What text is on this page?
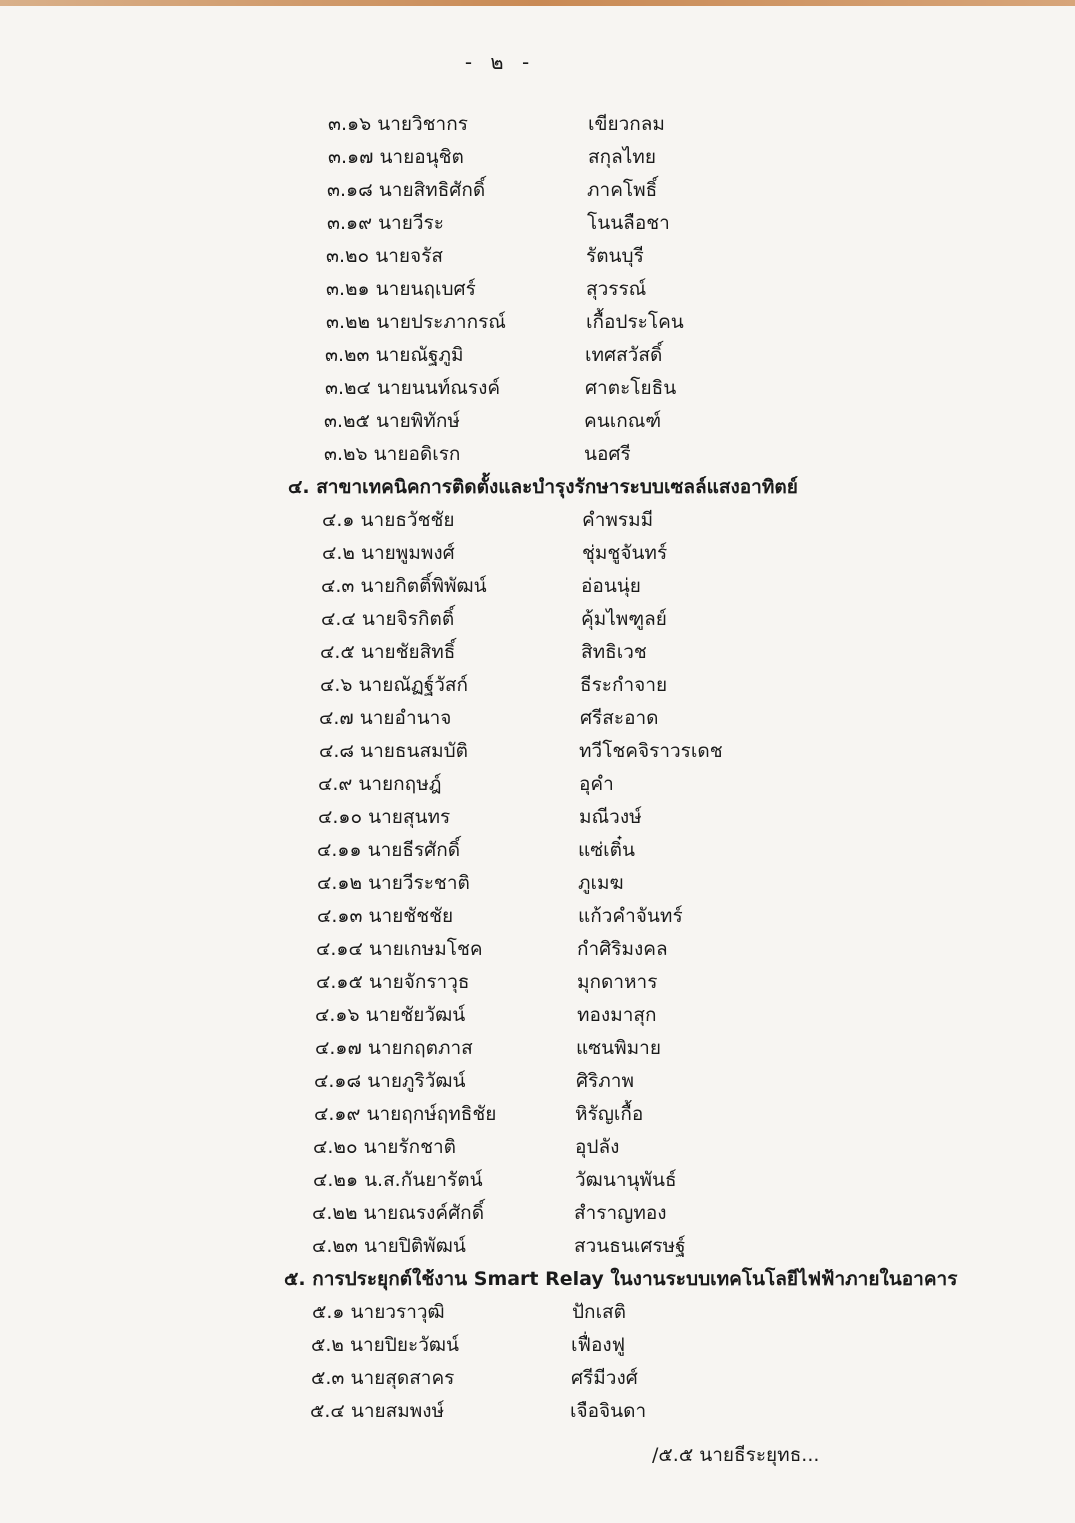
- ๒ -
๓.๑๖ นายวิชากร	เขียวกลม
๓.๑๗ นายอนุชิต	สกุลไทย
๓.๑๘ นายสิทธิศักดิ์	ภาคโพธิ์
๓.๑๙ นายวีระ	โนนลือชา
๓.๒๐ นายจรัส	รัตนบุรี
๓.๒๑ นายนฤเบศร์	สุวรรณ์
๓.๒๒ นายประภากรณ์	เกื้อประโคน
๓.๒๓ นายณัฐภูมิ	เทศสวัสดิ์
๓.๒๔ นายนนท์ณรงค์	ศาตะโยธิน
๓.๒๕ นายพิทักษ์	คนเกณฑ์
๓.๒๖ นายอดิเรก	นอศรี
๔. สาขาเทคนิคการติดตั้งและบำรุงรักษาระบบเซลล์แสงอาทิตย์
๔.๑ นายธวัชชัย	คำพรมมี
๔.๒ นายพูมพงศ์	ชุ่มชูจันทร์
๔.๓ นายกิตติ์พิพัฒน์	อ่อนนุ่ย
๔.๔ นายจิรกิตติ์	คุ้มไพฑูลย์
๔.๕ นายชัยสิทธิ์	สิทธิเวช
๔.๖ นายณัฏฐ์วัสก์	ธีระกำจาย
๔.๗ นายอำนาจ	ศรีสะอาด
๔.๘ นายธนสมบัติ	ทวีโชคจิราวรเดช
๔.๙ นายกฤษฎ์	อุคำ
๔.๑๐ นายสุนทร	มณีวงษ์
๔.๑๑ นายธีรศักดิ์	แซ่เติ๋น
๔.๑๒ นายวีระชาติ	ภูเมฆ
๔.๑๓ นายชัชชัย	แก้วคำจันทร์
๔.๑๔ นายเกษมโชค	กำศิริมงคล
๔.๑๕ นายจักราวุธ	มุกดาหาร
๔.๑๖ นายชัยวัฒน์	ทองมาสุก
๔.๑๗ นายกฤตภาส	แซนพิมาย
๔.๑๘ นายภูริวัฒน์	ศิริภาพ
๔.๑๙ นายฤกษ์ฤทธิชัย	หิรัญเกื้อ
๔.๒๐ นายรักชาติ	อุปลัง
๔.๒๑ น.ส.กันยารัตน์	วัฒนานุพันธ์
๔.๒๒ นายณรงค์ศักดิ์	สำราญทอง
๔.๒๓ นายปิติพัฒน์	สวนธนเศรษฐ์
๕. การประยุกต์ใช้งาน Smart Relay ในงานระบบเทคโนโลยีไฟฟ้าภายในอาคาร
๕.๑ นายวราวุฒิ	ปักเสติ
๕.๒ นายปิยะวัฒน์	เฟื่องฟู
๕.๓ นายสุดสาคร	ศรีมีวงศ์
๕.๔ นายสมพงษ์	เจือจินดา
/๕.๕ นายธีระยุทธ...
